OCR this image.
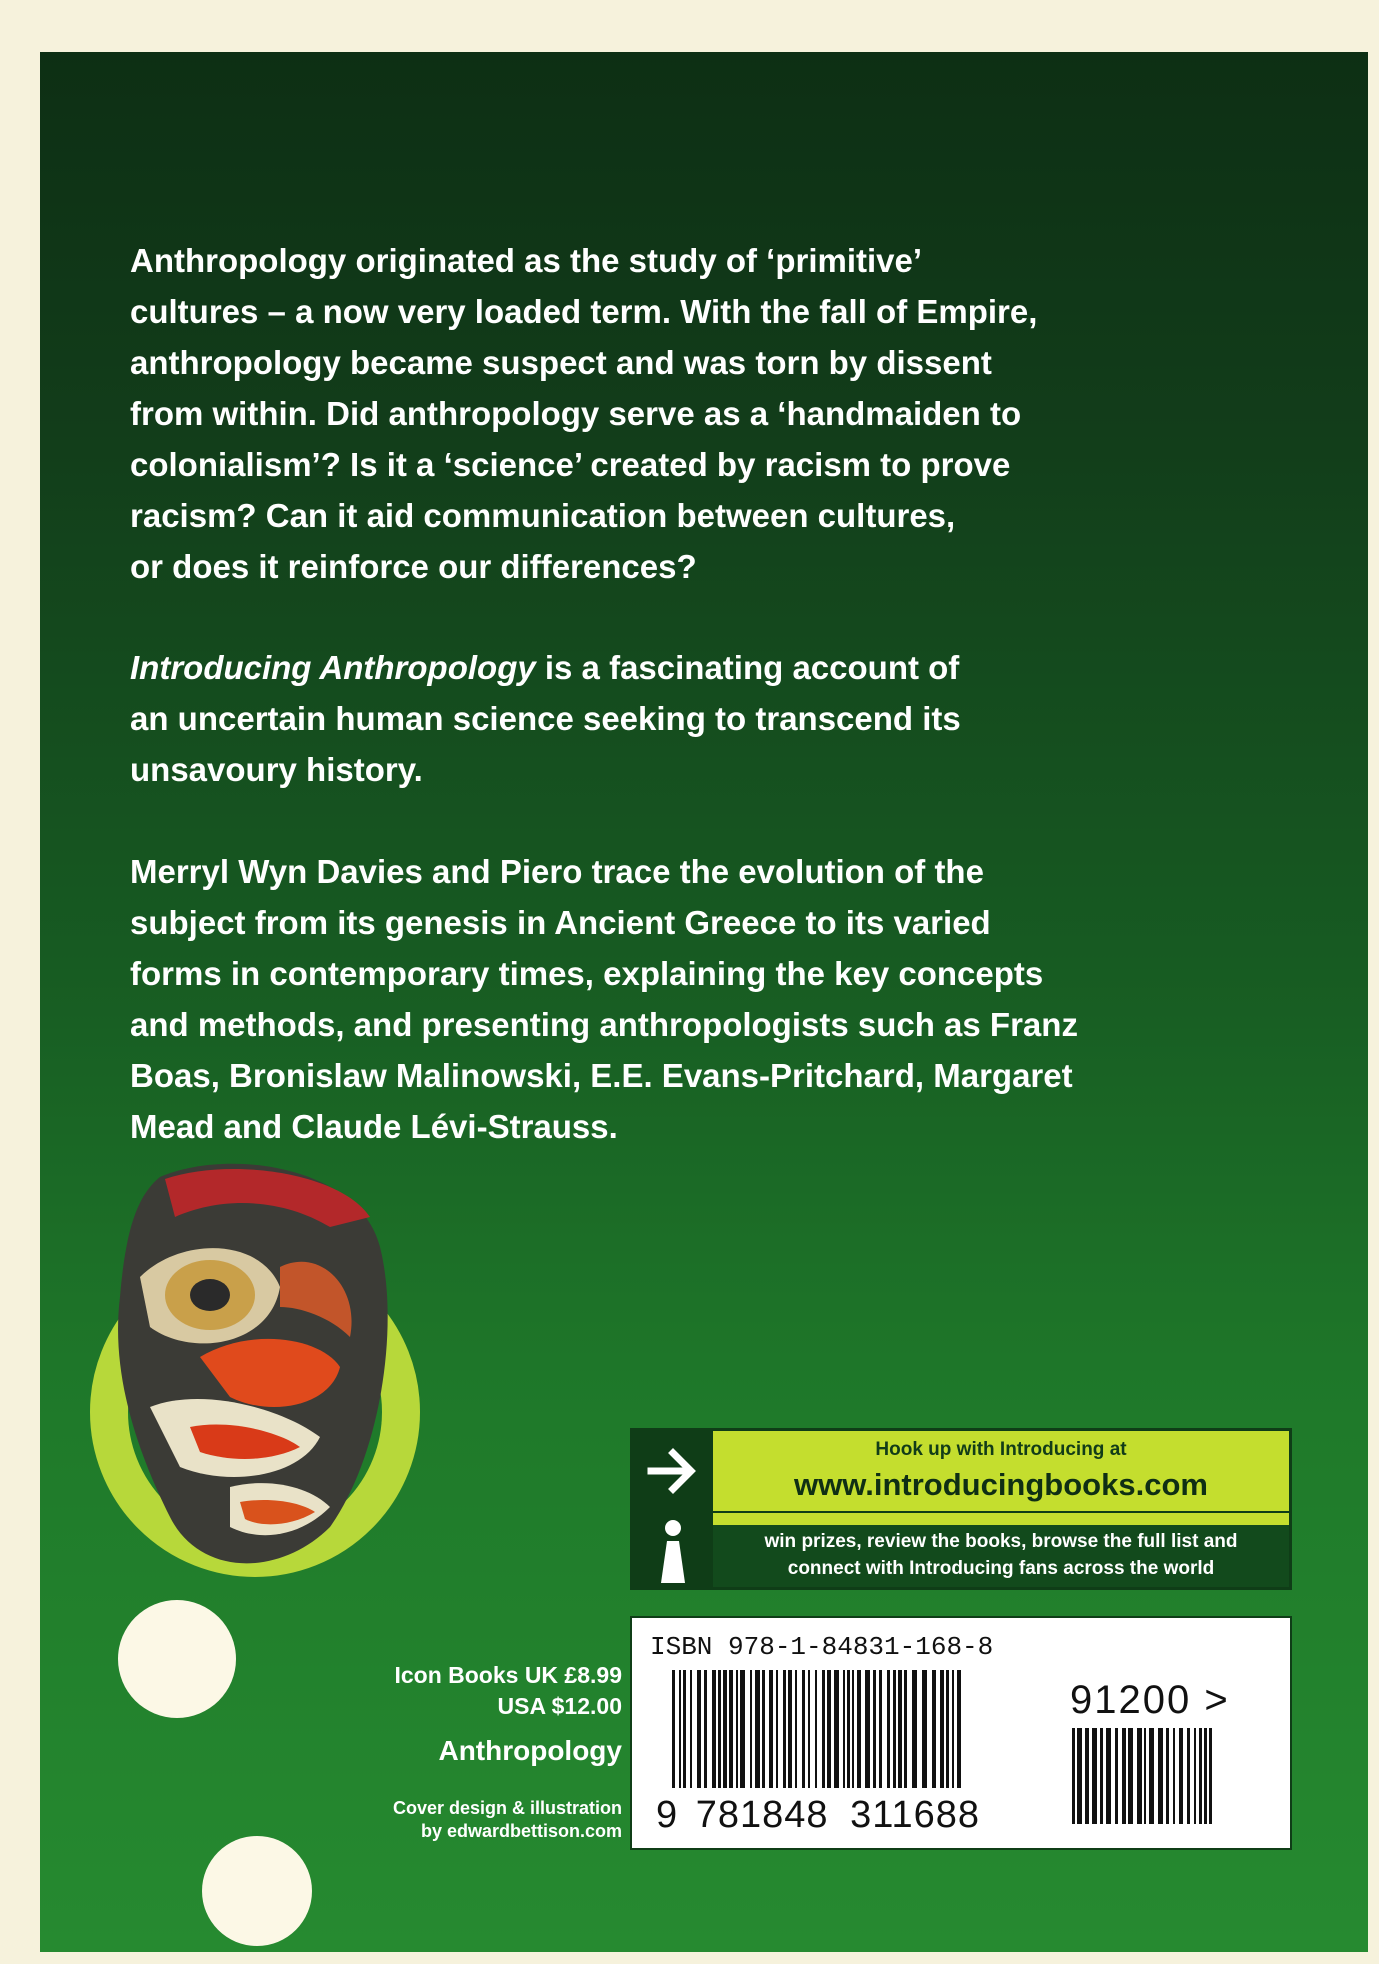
Anthropology originated as the study of ‘primitive’
cultures – a now very loaded term. With the fall of Empire,
anthropology became suspect and was torn by dissent
from within. Did anthropology serve as a ‘handmaiden to
colonialism’? Is it a ‘science’ created by racism to prove
racism? Can it aid communication between cultures,
or does it reinforce our differences?

Introducing Anthropology is a fascinating account of
an uncertain human science seeking to transcend its
unsavoury history.

Merryl Wyn Davies and Piero trace the evolution of the
subject from its genesis in Ancient Greece to its varied
forms in contemporary times, explaining the key concepts
and methods, and presenting anthropologists such as Franz
Boas, Bronislaw Malinowski, E.E. Evans-Pritchard, Margaret
Mead and Claude Lévi-Strauss.

Icon Books UK £8.99
USA $12.00
Anthropology
Cover design & illustration
by edwardbettison.com
Hook up with Introducing at
www.introducingbooks.com
win prizes, review the books, browse the full list and
connect with Introducing fans across the world
ISBN 978-1-84831-168-8
91200 >
9 781848 311688
